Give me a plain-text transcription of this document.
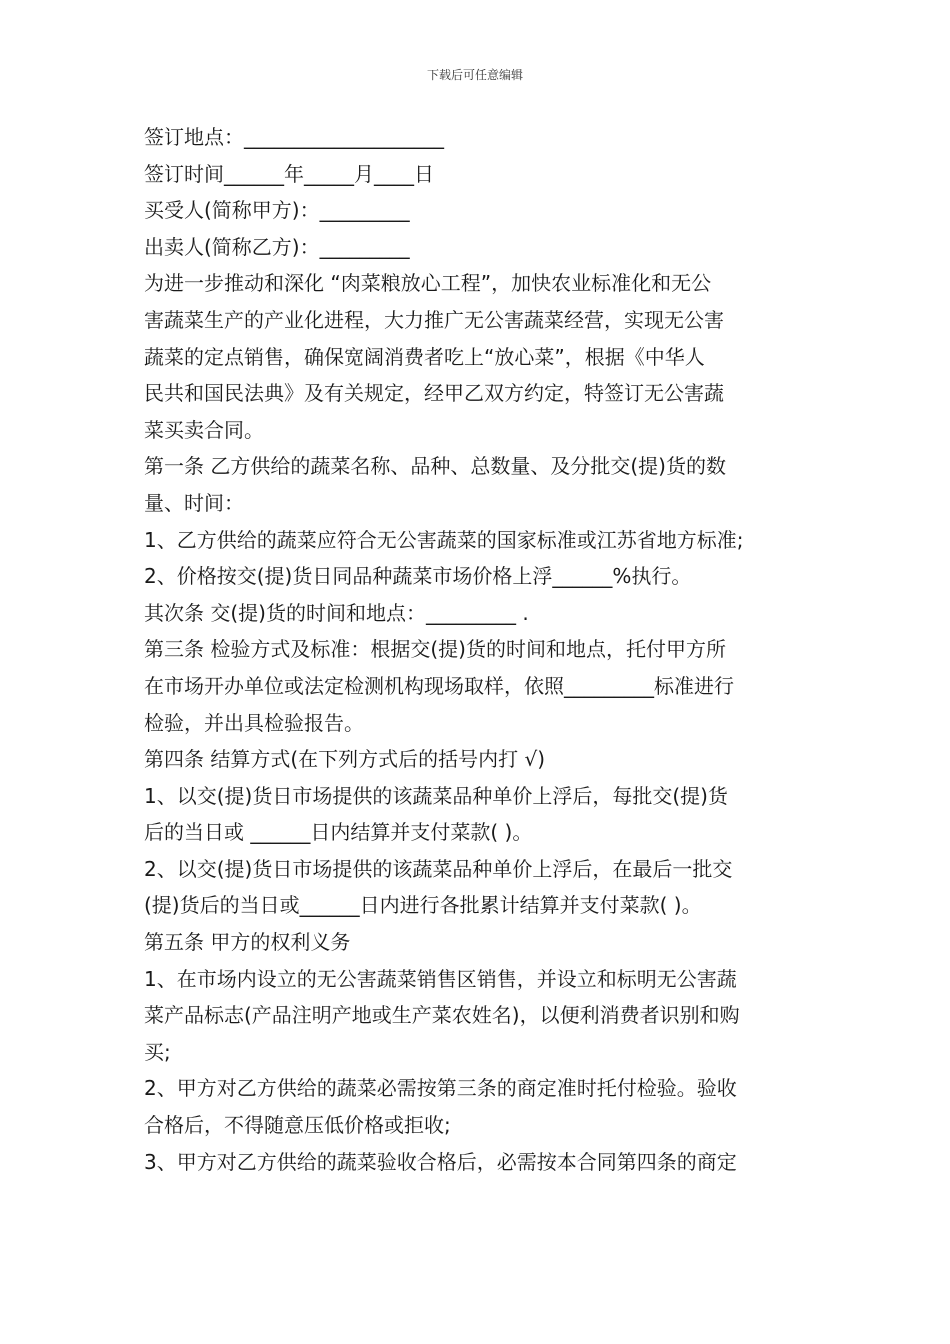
下载后可任意编辑

签订地点：____________________

签订时间______年_____月____日

买受人(简称甲方)：_________

出卖人(简称乙方)：_________

为进一步推动和深化 “肉菜粮放心工程”，加快农业标准化和无公

害蔬菜生产的产业化进程，大力推广无公害蔬菜经营，实现无公害

蔬菜的定点销售，确保宽阔消费者吃上“放心菜”，根据《中华人

民共和国民法典》及有关规定，经甲乙双方约定，特签订无公害蔬

菜买卖合同。

第一条 乙方供给的蔬菜名称、品种、总数量、及分批交(提)货的数

量、时间：

1、乙方供给的蔬菜应符合无公害蔬菜的国家标准或江苏省地方标准;

2、价格按交(提)货日同品种蔬菜市场价格上浮______%执行。

其次条 交(提)货的时间和地点：_________ .

第三条 检验方式及标准：根据交(提)货的时间和地点，托付甲方所

在市场开办单位或法定检测机构现场取样，依照_________标准进行

检验，并出具检验报告。

第四条 结算方式(在下列方式后的括号内打 √)

1、以交(提)货日市场提供的该蔬菜品种单价上浮后，每批交(提)货

后的当日或 ______日内结算并支付菜款( )。

2、以交(提)货日市场提供的该蔬菜品种单价上浮后，在最后一批交

(提)货后的当日或______日内进行各批累计结算并支付菜款( )。

第五条 甲方的权利义务

1、在市场内设立的无公害蔬菜销售区销售，并设立和标明无公害蔬

菜产品标志(产品注明产地或生产菜农姓名)，以便利消费者识别和购

买;

2、甲方对乙方供给的蔬菜必需按第三条的商定准时托付检验。验收

合格后，不得随意压低价格或拒收;

3、甲方对乙方供给的蔬菜验收合格后，必需按本合同第四条的商定
